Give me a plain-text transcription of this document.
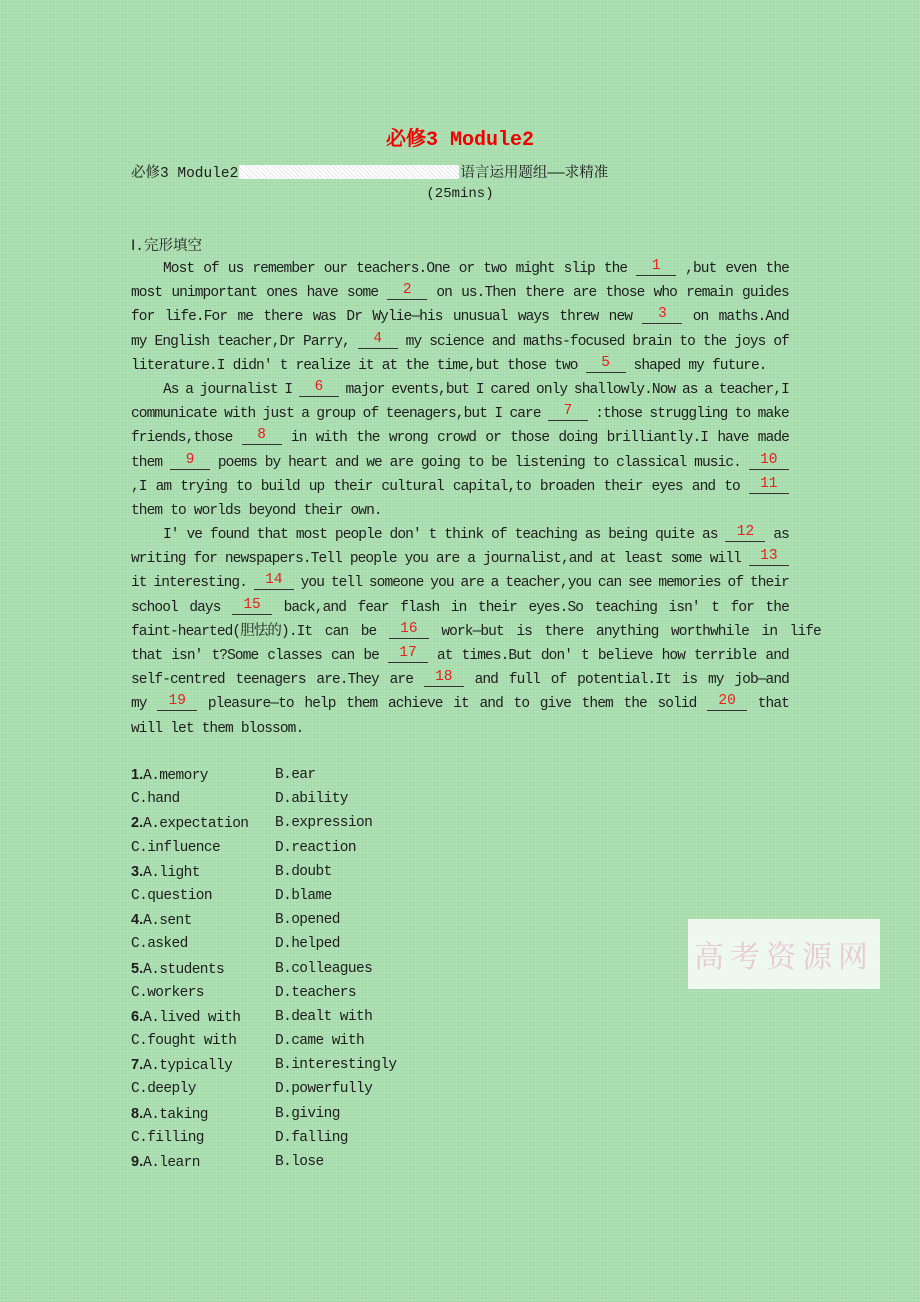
必修3 Module2
必修3 Module2	语言运用题组——求精准
(25mins)
Ⅰ.完形填空
Most of us remember our teachers.One or two might slip the	1	,but even the
most unimportant ones have some	2	on us.Then there are those who remain guides
for life.For me there was Dr Wylie—his unusual ways threw new	3	on maths.And
my English teacher,Dr Parry,	4	my science and maths-focused brain to the joys of
literature.I didn' t realize it at the time,but those two	5	shaped my future.
As a journalist I	6	major events,but I cared only shallowly.Now as a teacher,I
communicate with just a group of teenagers,but I care	7	:those struggling to make
friends,those	8	in with the wrong crowd or those doing brilliantly.I have made
them	9	poems by heart and we are going to be listening to classical music.	10
,I am trying to build up their cultural capital,to broaden their eyes and to	11
them to worlds beyond their own.
I' ve found that most people don' t think of teaching as being quite as	12	as
writing for newspapers.Tell people you are a journalist,and at least some will	13
it interesting.	14	you tell someone you are a teacher,you can see memories of their
school days	15	back,and fear flash in their eyes.So teaching isn' t for the
faint-hearted(胆怯的).It can be	16	work—but is there anything worthwhile in life
that isn' t?Some classes can be	17	at times.But don' t believe how terrible and
self-centred teenagers are.They are	18	and full of potential.It is my job—and
my	19	pleasure—to help them achieve it and to give them the solid	20	that
will let them blossom.
1.A.memory	B.ear
C.hand	D.ability
2.A.expectation	B.expression
C.influence	D.reaction
3.A.light	B.doubt
C.question	D.blame
4.A.sent	B.opened
C.asked	D.helped
5.A.students	B.colleagues
C.workers	D.teachers
6.A.lived with	B.dealt with
C.fought with	D.came with
7.A.typically	B.interestingly
C.deeply	D.powerfully
8.A.taking	B.giving
C.filling	D.falling
9.A.learn	B.lose
高考资源网
